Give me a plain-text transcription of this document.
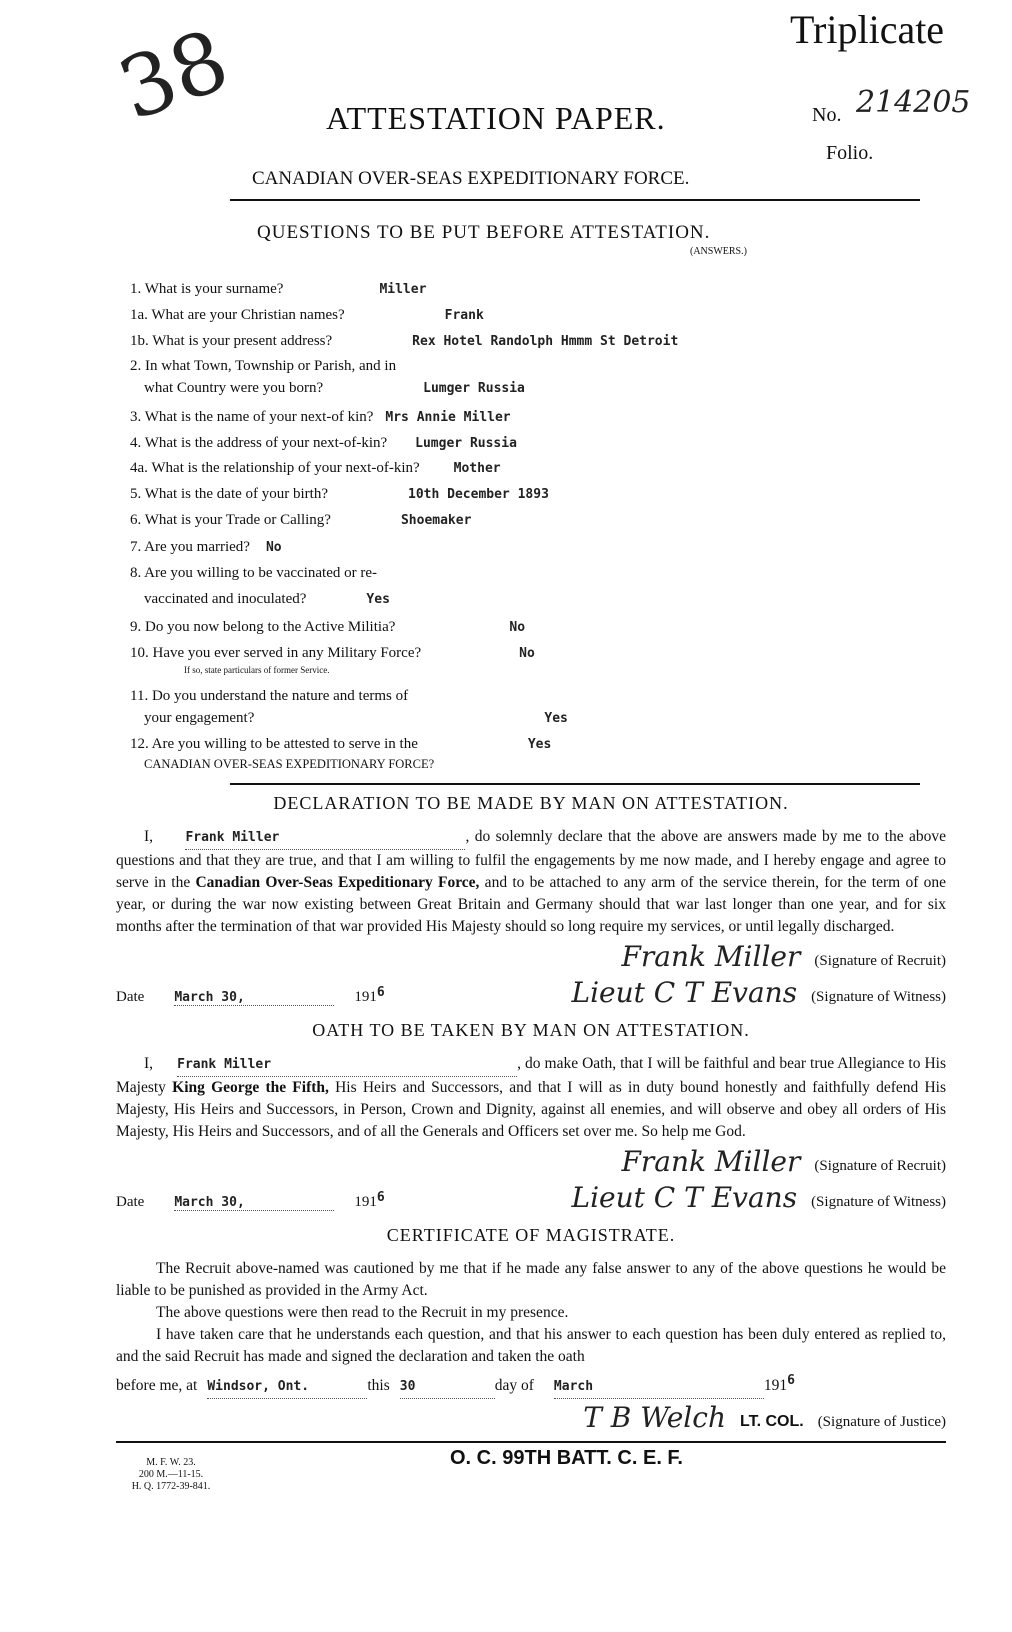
Triplicate
38	ATTESTATION PAPER.	No. 214205
Folio.
CANADIAN OVER-SEAS EXPEDITIONARY FORCE.
QUESTIONS TO BE PUT BEFORE ATTESTATION.
(ANSWERS.)
1. What is your surname?	Miller
1a. What are your Christian names?	Frank
1b. What is your present address?	Rex Hotel Randolph Hmmm St Detroit
2. In what Town, Township or Parish, and in
what Country were you born?	Lumger Russia
3. What is the name of your next-of kin? Mrs Annie Miller
4. What is the address of your next-of-kin? Lumger Russia
4a. What is the relationship of your next-of-kin?	Mother
5. What is the date of your birth?	10th December 1893
6. What is your Trade or Calling?	Shoemaker
7. Are you married? No
8. Are you willing to be vaccinated or re-
vaccinated and inoculated?	Yes
9. Do you now belong to the Active Militia?	No
10. Have you ever served in any Military Force?	No
If so, state particulars of former Service.
11. Do you understand the nature and terms of
your engagement?	Yes
12. Are you willing to be attested to serve in the	Yes
CANADIAN OVER-SEAS EXPEDITIONARY FORCE?
DECLARATION TO BE MADE BY MAN ON ATTESTATION.
I, Frank Miller	, do solemnly declare that the above are answers made by me to the above questions and that they are true, and that I am willing to fulfil the engagements by me now made, and I hereby engage and agree to serve in the Canadian Over-Seas Expeditionary Force, and to be attached to any arm of the service therein, for the term of one year, or during the war now existing between Great Britain and Germany should that war last longer than one year, and for six months after the termination of that war provided His Majesty should so long require my services, or until legally discharged.
Frank Miller (Signature of Recruit)
Date March 30,	191 6	Lieut C T Evans (Signature of Witness)
OATH TO BE TAKEN BY MAN ON ATTESTATION.
I, Frank Miller	, do make Oath, that I will be faithful and bear true Allegiance to His Majesty King George the Fifth, His Heirs and Successors, and that I will as in duty bound honestly and faithfully defend His Majesty, His Heirs and Successors, in Person, Crown and Dignity, against all enemies, and will observe and obey all orders of His Majesty, His Heirs and Successors, and of all the Generals and Officers set over me. So help me God.
Frank Miller (Signature of Recruit)
Date March 30,	191 6	Lieut C T Evans (Signature of Witness)
CERTIFICATE OF MAGISTRATE.
The Recruit above-named was cautioned by me that if he made any false answer to any of the above questions he would be liable to be punished as provided in the Army Act.
The above questions were then read to the Recruit in my presence.
I have taken care that he understands each question, and that his answer to each question has been duly entered as replied to, and the said Recruit has made and signed the declaration and taken the oath
before me, at Windsor, Ont.	this 30	day of March	$191^6$
T B Welch LT. COL. (Signature of Justice)
M. F. W. 23.
200 M.—11-15.
H. Q. 1772-39-841.
O. C. 99TH BATT. C. E. F.
